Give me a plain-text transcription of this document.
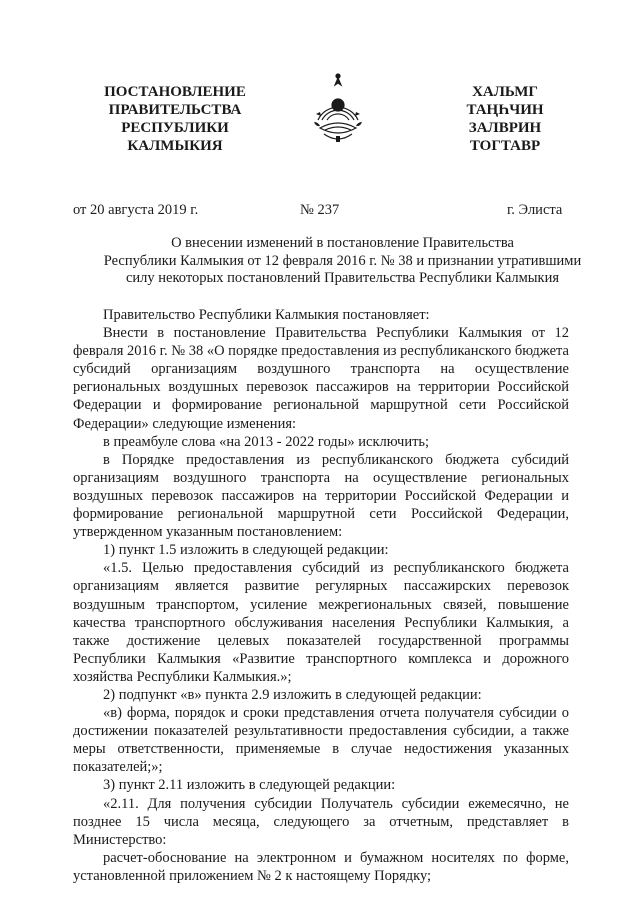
ПОСТАНОВЛЕНИЕ
ПРАВИТЕЛЬСТВА
РЕСПУБЛИКИ
КАЛМЫКИЯ
ХАЛЬМГ
ТАҢҺЧИН
ЗАЛВРИН
ТОГТАВР
от 20 августа 2019 г.	№ 237	г. Элиста
О внесении изменений в постановление Правительства
Республики Калмыкия от 12 февраля 2016 г. № 38 и признании утратившими
силу некоторых постановлений Правительства Республики Калмыкия

Правительство Республики Калмыкия постановляет:

Внести в постановление Правительства Республики Калмыкия от 12 февраля 2016 г. № 38 «О порядке предоставления из республиканского бюджета субсидий организациям воздушного транспорта на осуществление региональных воздушных перевозок пассажиров на территории Российской Федерации и формирование региональной маршрутной сети Российской Федерации» следующие изменения:

в преамбуле слова «на 2013 - 2022 годы» исключить;

в Порядке предоставления из республиканского бюджета субсидий организациям воздушного транспорта на осуществление региональных воздушных перевозок пассажиров на территории Российской Федерации и формирование региональной маршрутной сети Российской Федерации, утвержденном указанным постановлением:

1) пункт 1.5 изложить в следующей редакции:

«1.5. Целью предоставления субсидий из республиканского бюджета организациям является развитие регулярных пассажирских перевозок воздушным транспортом, усиление межрегиональных связей, повышение качества транспортного обслуживания населения Республики Калмыкия, а также достижение целевых показателей государственной программы Республики Калмыкия «Развитие транспортного комплекса и дорожного хозяйства Республики Калмыкия.»;

2) подпункт «в» пункта 2.9 изложить в следующей редакции:

«в) форма, порядок и сроки представления отчета получателя субсидии о достижении показателей результативности предоставления субсидии, а также меры ответственности, применяемые в случае недостижения указанных показателей;»;

3) пункт 2.11 изложить в следующей редакции:

«2.11. Для получения субсидии Получатель субсидии ежемесячно, не позднее 15 числа месяца, следующего за отчетным, представляет в Министерство:

расчет-обоснование на электронном и бумажном носителях по форме, установленной приложением № 2 к настоящему Порядку;
